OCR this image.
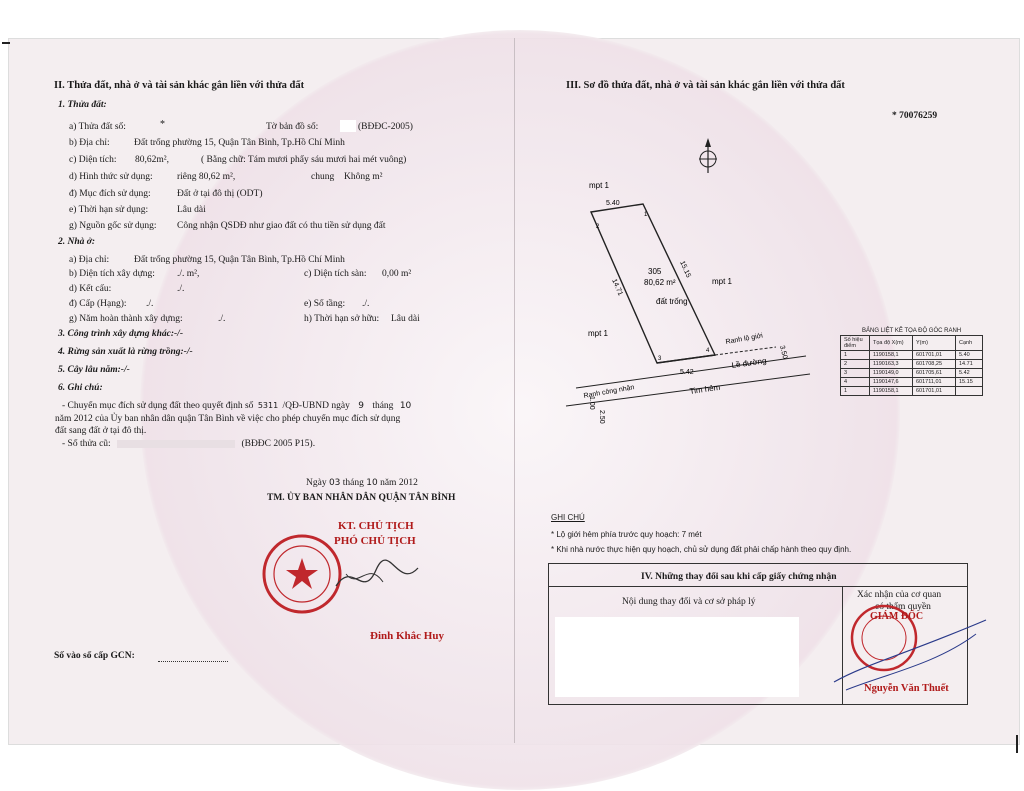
II. Thửa đất, nhà ở và tài sản khác gắn liền với thửa đất
1. Thửa đất:
a) Thửa đất số:	*	Tờ bản đồ số:	(BĐĐC-2005)
b) Địa chỉ:	Đất trống phường 15, Quận Tân Bình, Tp.Hồ Chí Minh
c) Diện tích: 80,62m²,	( Bằng chữ: Tám mươi phẩy sáu mươi hai mét vuông)
d) Hình thức sử dụng:	riêng 80,62 m²,	chung Không m²
đ) Mục đích sử dụng:	Đất ở tại đô thị (ODT)
e) Thời hạn sử dụng:	Lâu dài
g) Nguồn gốc sử dụng: Công nhận QSDĐ như giao đất có thu tiền sử dụng đất
2. Nhà ở:
a) Địa chỉ:	Đất trống phường 15, Quận Tân Bình, Tp.Hồ Chí Minh
b) Diện tích xây dựng: ./. m²,	c) Diện tích sàn: 0,00 m²
d) Kết cấu:	./.
đ) Cấp (Hạng): ./.	e) Số tầng: ./.
g) Năm hoàn thành xây dựng:	./.	h) Thời hạn sở hữu: Lâu dài
3. Công trình xây dựng khác:-/-
4. Rừng sản xuất là rừng trồng:-/-
5. Cây lâu năm:-/-
6. Ghi chú:
- Chuyển mục đích sử dụng đất theo quyết định số 5311 /QĐ-UBND ngày 9 tháng 10
năm 2012 của Ủy ban nhân dân quận Tân Bình về việc cho phép chuyển mục đích sử dụng
đất sang đất ở tại đô thị.
- Số thửa cũ:	(BĐĐC 2005 P15).
Ngày 03 tháng 10 năm 2012
TM. ỦY BAN NHÂN DÂN QUẬN TÂN BÌNH
KT. CHỦ TỊCH
PHÓ CHỦ TỊCH
Đinh Khắc Huy
Số vào sổ cấp GCN:
III. Sơ đồ thửa đất, nhà ở và tài sản khác gắn liền với thửa đất
* 70076259
mpt 1
mpt 1
mpt 1
305
80,62 m²
đất trống
5.40
15.15
14.71
5.42
3.50
1.00
2.50
Ranh lộ giới
Lề đường
Ranh công nhận	Tim hẻm
2
1
3
4
BẢNG LIỆT KÊ TỌA ĐỘ GÓC RANH
Số hiệu điểm	Tọa độ X(m)	Y(m)	Cạnh
1	1190158,1	601701,01	5.40
2	1190163,3	601708,25	14.71
3	1190149,0	601705,61	5.42
4	1190147,6	601711,01	15.15
1	1190158,1	601701,01	
GHI CHÚ
* Lộ giới hẻm phía trước quy hoạch: 7 mét
* Khi nhà nước thực hiện quy hoạch, chủ sử dụng đất phải chấp hành theo quy định.
IV. Những thay đổi sau khi cấp giấy chứng nhận
Nội dung thay đổi và cơ sở pháp lý
Xác nhận của cơ quan
có thẩm quyền
GIÁM ĐỐC
Nguyễn Văn Thuết
